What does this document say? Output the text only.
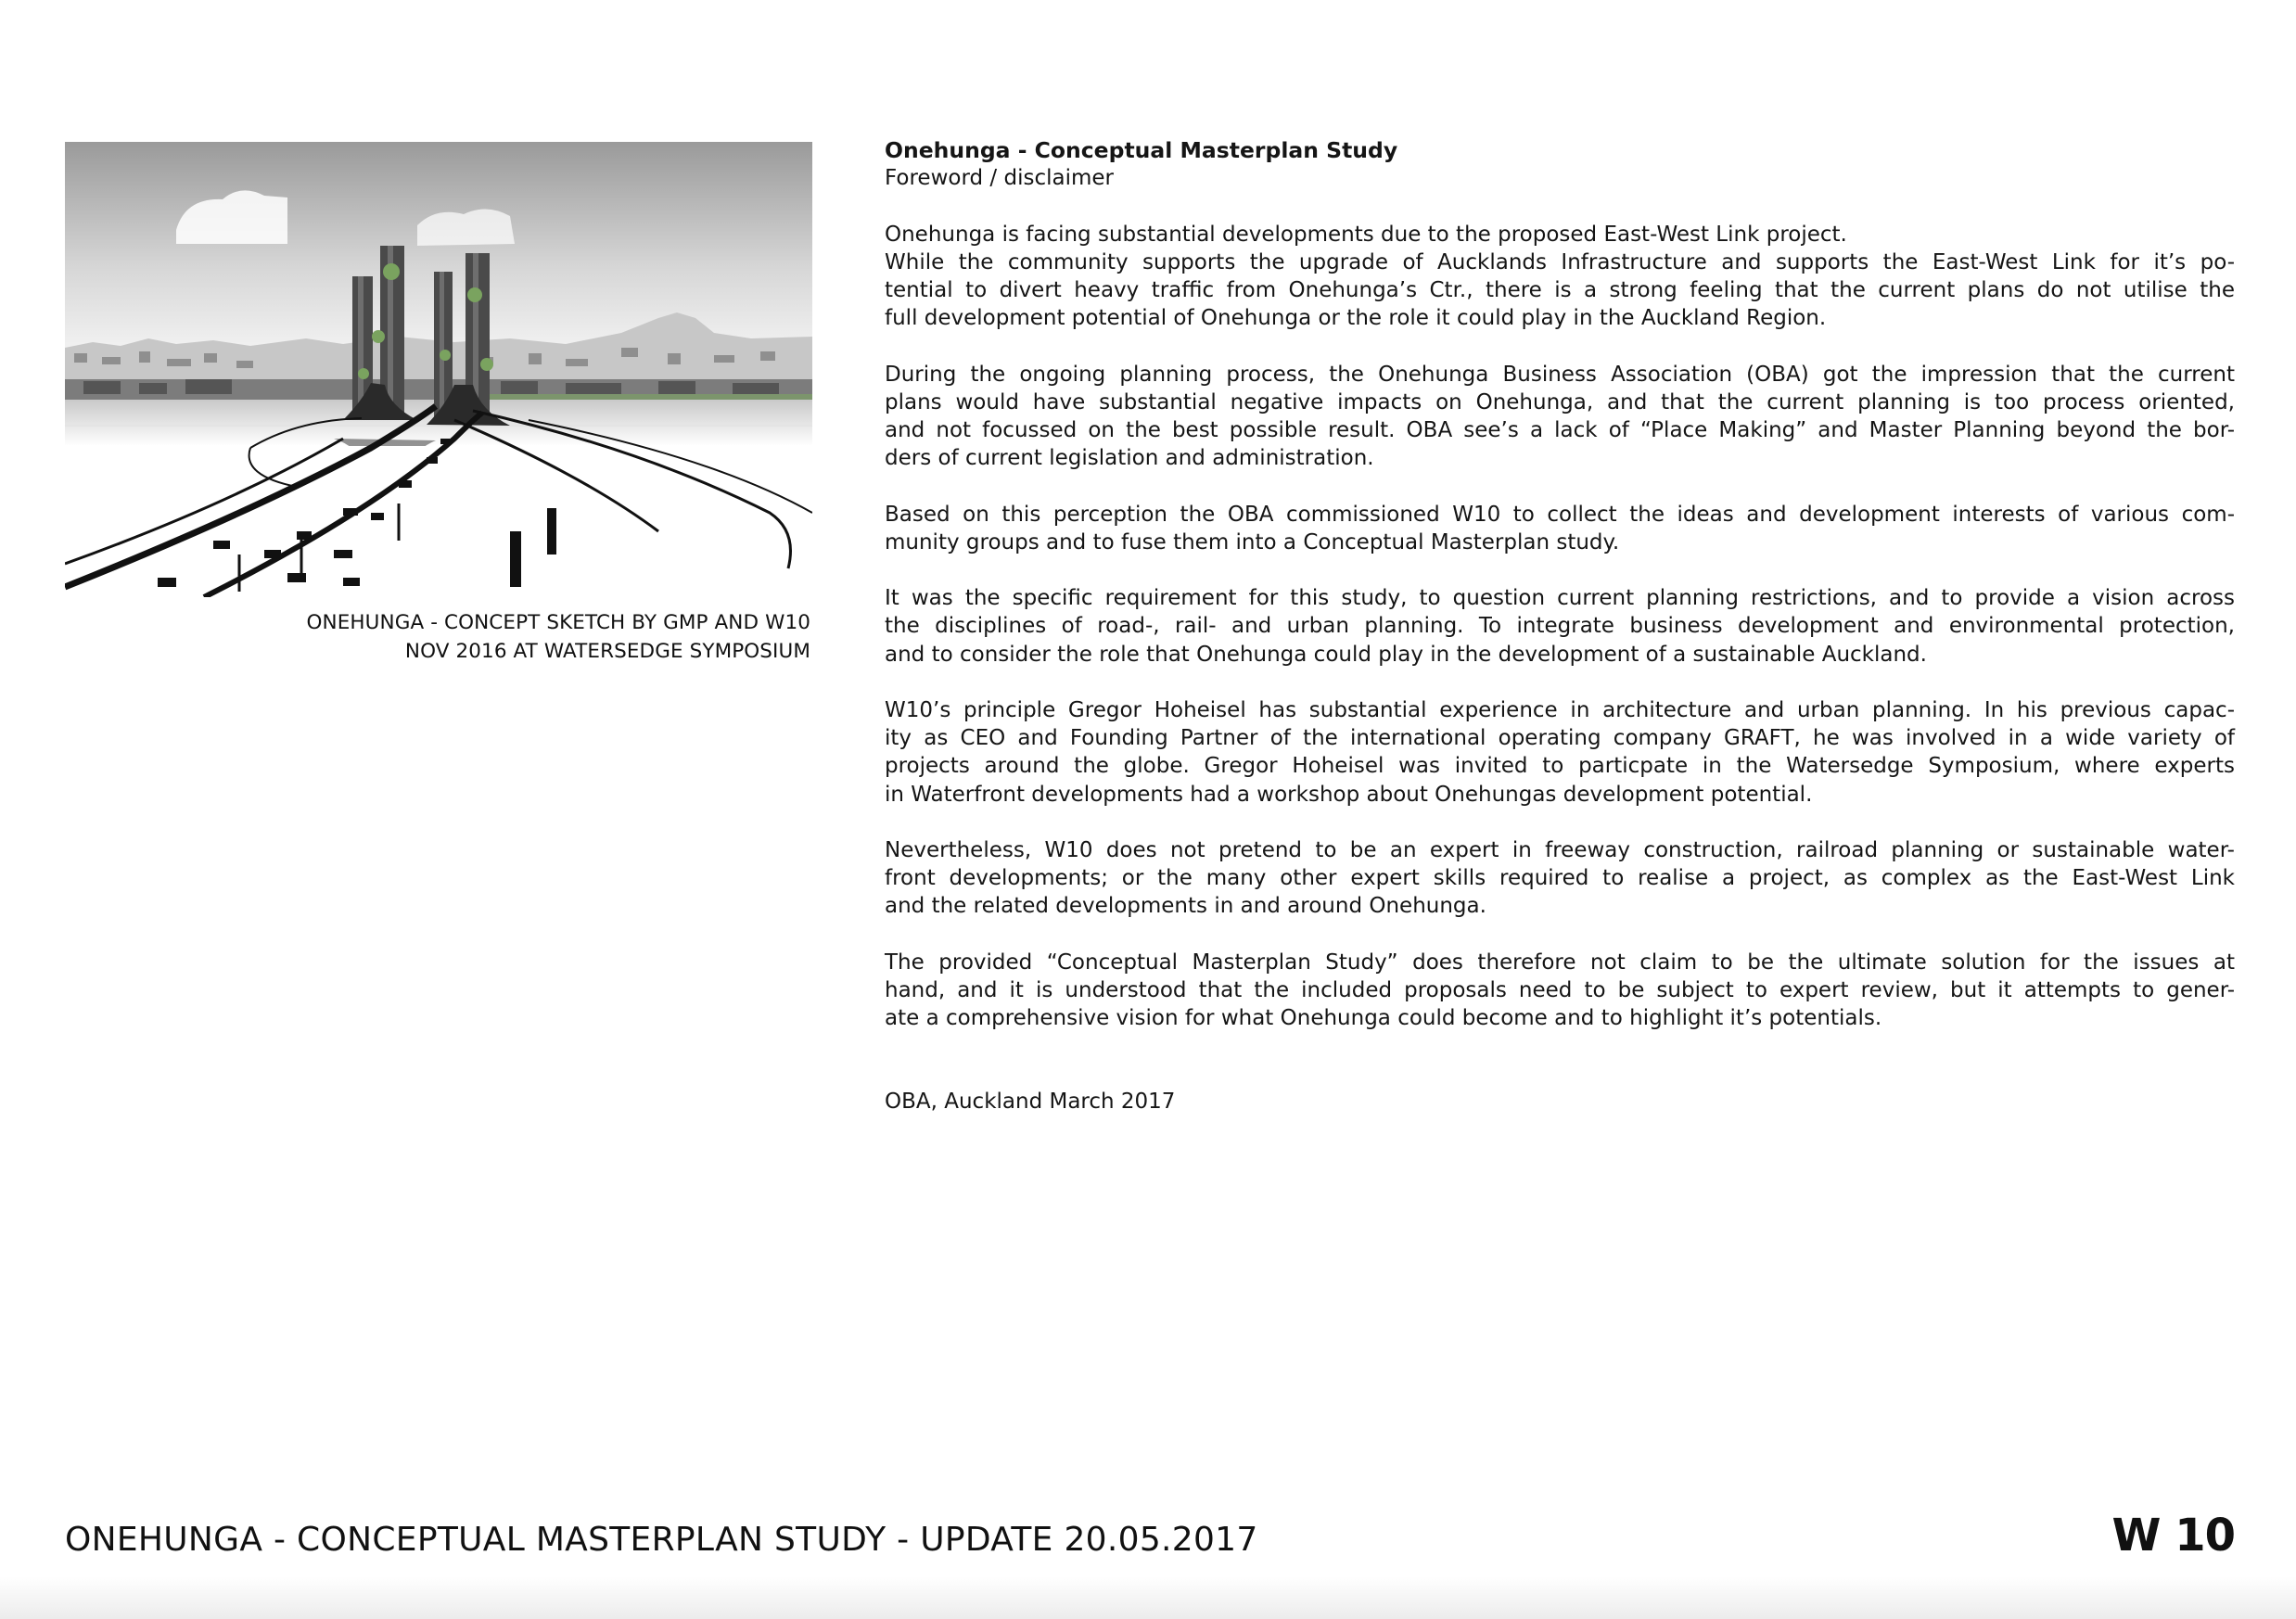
ONEHUNGA - CONCEPT SKETCH BY GMP AND W10
NOV 2016 AT WATERSEDGE SYMPOSIUM
Onehunga - Conceptual Masterplan Study
Foreword / disclaimer
Onehunga is facing substantial developments due to the proposed East-West Link project.
While the community supports the upgrade of Aucklands Infrastructure and supports the East-West Link for it’s po-
tential to divert heavy traffic from Onehunga’s Ctr., there is a strong feeling that the current plans do not utilise the
full development potential of Onehunga or the role it could play in the Auckland Region.
During the ongoing planning process, the Onehunga Business Association (OBA) got the impression that the current
plans would have substantial negative impacts on Onehunga, and that the current planning is too process oriented,
and not focussed on the best possible result. OBA see’s a lack of “Place Making” and Master Planning beyond the bor-
ders of current legislation and administration.
Based on this perception the OBA commissioned W10 to collect the ideas and development interests of various com-
munity groups and to fuse them into a Conceptual Masterplan study.
It was the specific requirement for this study, to question current planning restrictions, and to provide a vision across
the disciplines of road-, rail- and urban planning. To integrate business development and environmental protection,
and to consider the role that Onehunga could play in the development of a sustainable Auckland.
W10’s principle Gregor Hoheisel has substantial experience in architecture and urban planning. In his previous capac-
ity as CEO and Founding Partner of the international operating company GRAFT, he was involved in a wide variety of
projects around the globe. Gregor Hoheisel was invited to particpate in the Watersedge Symposium, where experts
in Waterfront developments had a workshop about Onehungas development potential.
Nevertheless, W10 does not pretend to be an expert in freeway construction, railroad planning or sustainable water-
front developments; or the many other expert skills required to realise a project, as complex as the East-West Link
and the related developments in and around Onehunga.
The provided “Conceptual Masterplan Study” does therefore not claim to be the ultimate solution for the issues at
hand, and it is understood that the included proposals need to be subject to expert review, but it attempts to gener-
ate a comprehensive vision for what Onehunga could become and to highlight it’s potentials.
OBA, Auckland March 2017
ONEHUNGA - CONCEPTUAL MASTERPLAN STUDY - UPDATE 20.05.2017	W 10
